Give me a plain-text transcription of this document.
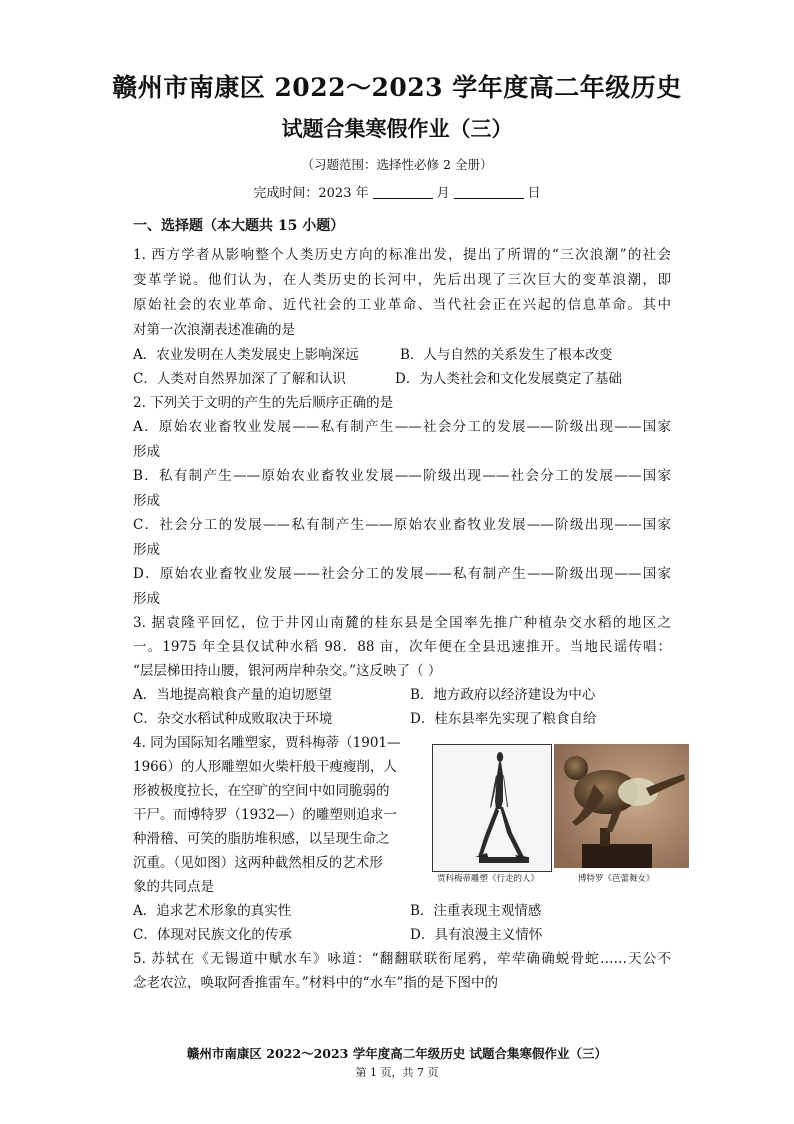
赣州市南康区 2022～2023 学年度高二年级历史
试题合集寒假作业（三）
（习题范围：选择性必修 2 全册）
完成时间：2023 年	月	日
一、选择题（本大题共 15 小题）
1. 西方学者从影响整个人类历史方向的标准出发，提出了所谓的“三次浪潮”的社会
变革学说。他们认为，在人类历史的长河中，先后出现了三次巨大的变革浪潮，即
原始社会的农业革命、近代社会的工业革命、当代社会正在兴起的信息革命。其中
对第一次浪潮表述准确的是
A．农业发明在人类发展史上影响深远	B．人与自然的关系发生了根本改变
C．人类对自然界加深了了解和认识	D．为人类社会和文化发展奠定了基础
2. 下列关于文明的产生的先后顺序正确的是
A．原始农业畜牧业发展——私有制产生——社会分工的发展——阶级出现——国家
形成
B．私有制产生——原始农业畜牧业发展——阶级出现——社会分工的发展——国家
形成
C．社会分工的发展——私有制产生——原始农业畜牧业发展——阶级出现——国家
形成
D．原始农业畜牧业发展——社会分工的发展——私有制产生——阶级出现——国家
形成
3. 据袁隆平回忆，位于井冈山南麓的桂东县是全国率先推广种植杂交水稻的地区之
一。1975 年全县仅试种水稻 98．88 亩，次年便在全县迅速推开。当地民谣传唱：
“层层梯田持山腰，银河两岸种杂交。”这反映了（ ）
A．当地提高粮食产量的迫切愿望	B．地方政府以经济建设为中心
C．杂交水稻试种成败取决于环境	D．桂东县率先实现了粮食自给
4. 同为国际知名雕塑家，贾科梅蒂（1901—
1966）的人形雕塑如火柴杆般干瘦瘦削，人
形被极度拉长，在空旷的空间中如同脆弱的
干尸。而博特罗（1932—）的雕塑则追求一
种滑稽、可笑的脂肪堆积感，以呈现生命之
沉重。（见如图）这两种截然相反的艺术形
象的共同点是	贾科梅蒂雕塑《行走的人》	博特罗《芭蕾舞女》
A．追求艺术形象的真实性	B．注重表现主观情感
C．体现对民族文化的传承	D．具有浪漫主义情怀
5. 苏轼在《无锡道中赋水车》咏道：“翻翻联联衔尾鸦，荦荦确确蜕骨蛇……天公不
念老农泣，唤取阿香推雷车。”材料中的“水车”指的是下图中的
赣州市南康区 2022～2023 学年度高二年级历史 试题合集寒假作业（三）
第 1 页，共 7 页
